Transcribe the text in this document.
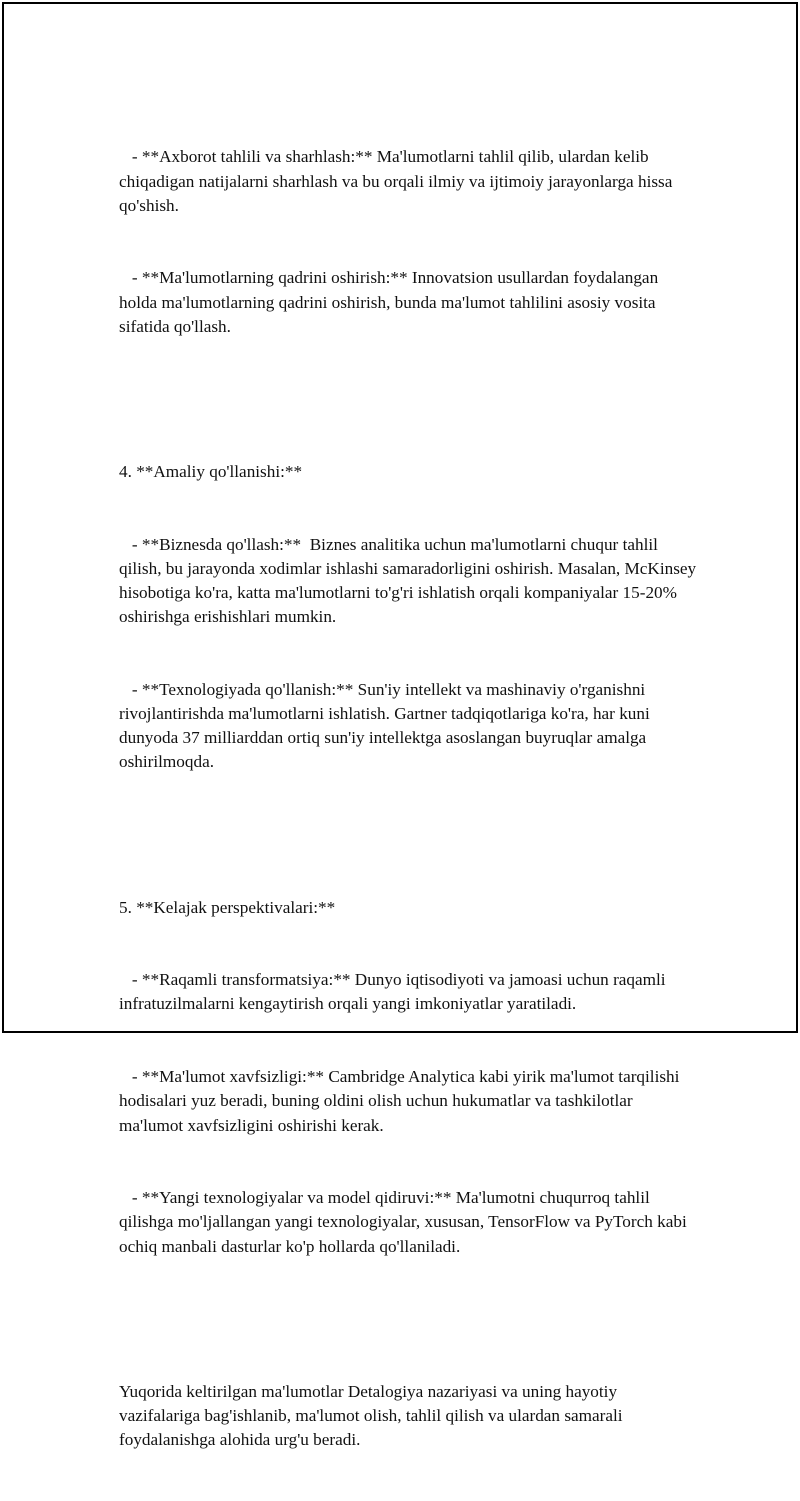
- **Axborot tahlili va sharhlash:** Ma'lumotlarni tahlil qilib, ulardan kelib chiqadigan natijalarni sharhlash va bu orqali ilmiy va ijtimoiy jarayonlarga hissa qo'shish.

- **Ma'lumotlarning qadrini oshirish:** Innovatsion usullardan foydalangan holda ma'lumotlarning qadrini oshirish, bunda ma'lumot tahlilini asosiy vosita sifatida qo'llash.

4. **Amaliy qo'llanishi:**

- **Biznesda qo'llash:**  Biznes analitika uchun ma'lumotlarni chuqur tahlil qilish, bu jarayonda xodimlar ishlashi samaradorligini oshirish. Masalan, McKinsey hisobotiga ko'ra, katta ma'lumotlarni to'g'ri ishlatish orqali kompaniyalar 15-20% oshirishga erishishlari mumkin.

- **Texnologiyada qo'llanish:** Sun'iy intellekt va mashinaviy o'rganishni rivojlantirishda ma'lumotlarni ishlatish. Gartner tadqiqotlariga ko'ra, har kuni dunyoda 37 milliarddan ortiq sun'iy intellektga asoslangan buyruqlar amalga oshirilmoqda.

5. **Kelajak perspektivalari:**

- **Raqamli transformatsiya:** Dunyo iqtisodiyoti va jamoasi uchun raqamli infratuzilmalarni kengaytirish orqali yangi imkoniyatlar yaratiladi.

- **Ma'lumot xavfsizligi:** Cambridge Analytica kabi yirik ma'lumot tarqilishi hodisalari yuz beradi, buning oldini olish uchun hukumatlar va tashkilotlar ma'lumot xavfsizligini oshirishi kerak.

- **Yangi texnologiyalar va model qidiruvi:** Ma'lumotni chuqurroq tahlil qilishga mo'ljallangan yangi texnologiyalar, xususan, TensorFlow va PyTorch kabi ochiq manbali dasturlar ko'p hollarda qo'llaniladi.

Yuqorida keltirilgan ma'lumotlar Detalogiya nazariyasi va uning hayotiy vazifalariga bag'ishlanib, ma'lumot olish, tahlil qilish va ulardan samarali foydalanishga alohida urg'u beradi.
